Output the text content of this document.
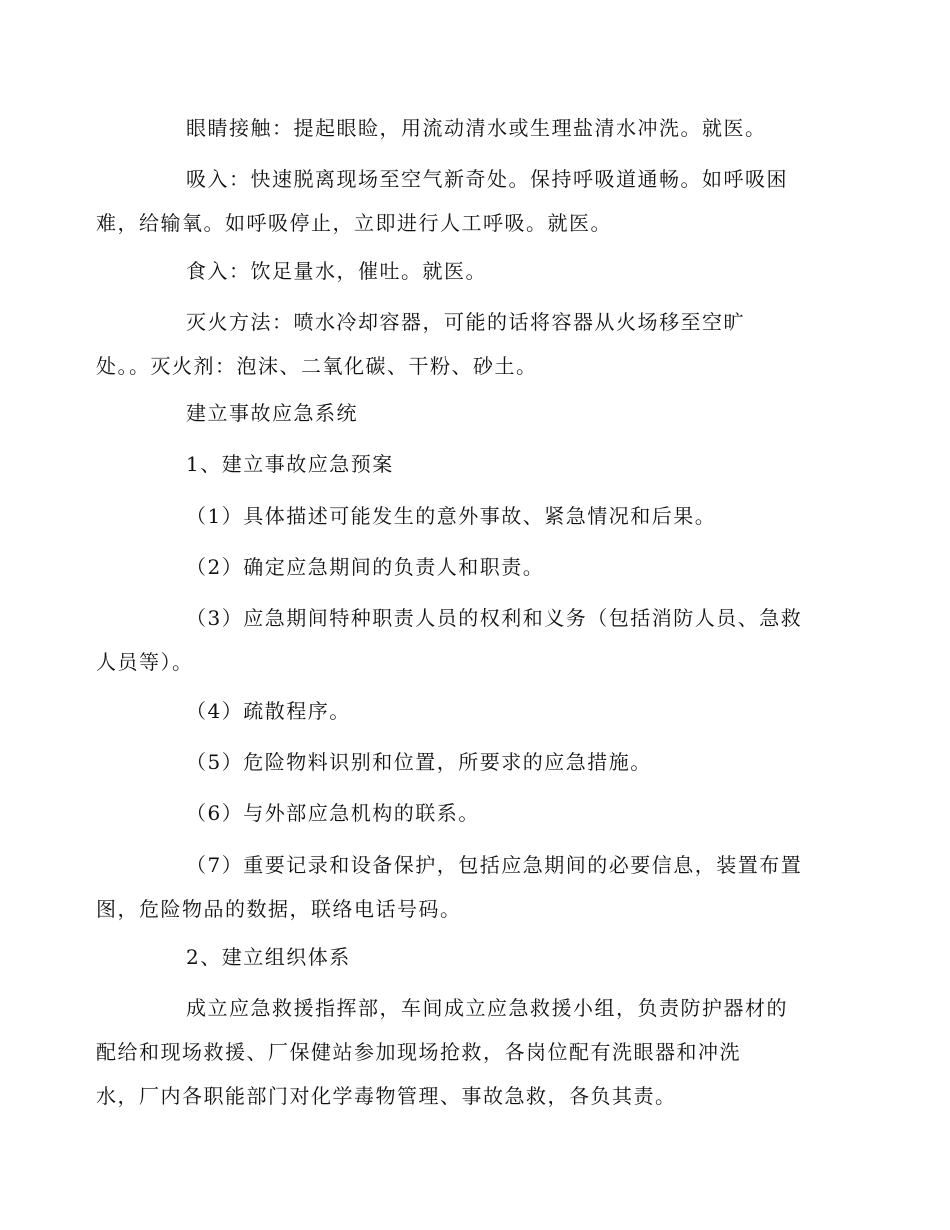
眼睛接触：提起眼睑，用流动清水或生理盐清水冲洗。就医。

吸入：快速脱离现场至空气新奇处。保持呼吸道通畅。如呼吸困
难，给输氧。如呼吸停止，立即进行人工呼吸。就医。

食入：饮足量水，催吐。就医。

灭火方法：喷水冷却容器，可能的话将容器从火场移至空旷
处。。灭火剂：泡沫、二氧化碳、干粉、砂土。

建立事故应急系统

1、建立事故应急预案

（1）具体描述可能发生的意外事故、紧急情况和后果。

（2）确定应急期间的负责人和职责。

（3）应急期间特种职责人员的权利和义务（包括消防人员、急救
人员等）。

（4）疏散程序。

（5）危险物料识别和位置，所要求的应急措施。

（6）与外部应急机构的联系。

（7）重要记录和设备保护，包括应急期间的必要信息，装置布置
图，危险物品的数据，联络电话号码。

2、建立组织体系

成立应急救援指挥部，车间成立应急救援小组，负责防护器材的
配给和现场救援、厂保健站参加现场抢救，各岗位配有洗眼器和冲洗
水，厂内各职能部门对化学毒物管理、事故急救，各负其责。
